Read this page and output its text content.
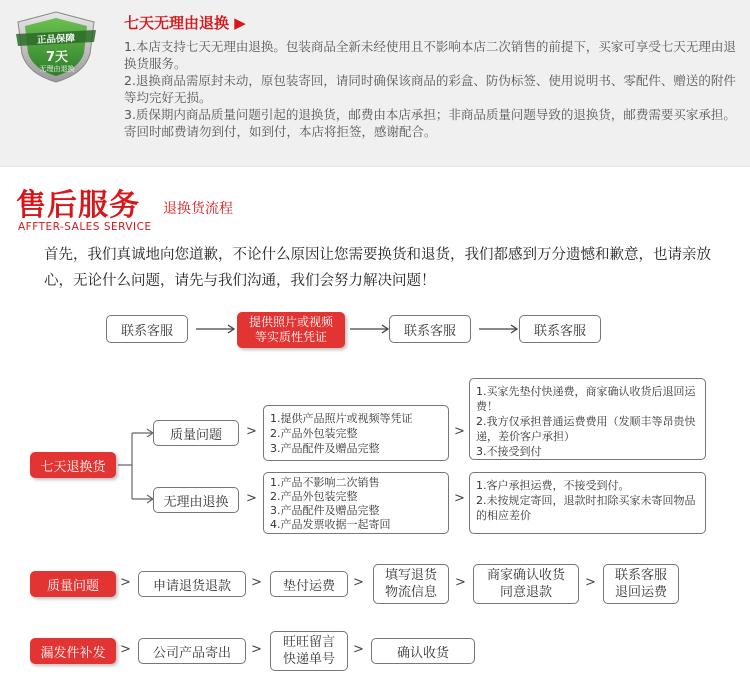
正品保障
7天
无理由退换
七天无理由退换 ▶
1.本店支持七天无理由退换。包装商品全新未经使用且不影响本店二次销售的前提下，买家可享受七天无理由退换货服务。
2.退换商品需原封未动，原包装寄回，请同时确保该商品的彩盒、防伪标签、使用说明书、零配件、赠送的附件等均完好无损。
3.质保期内商品质量问题引起的退换货，邮费由本店承担；非商品质量问题导致的退换货，邮费需要买家承担。寄回时邮费请勿到付，如到付，本店将拒签，感谢配合。
售后服务 退换货流程
AFFTER-SALES SERVICE
首先，我们真诚地向您道歉，不论什么原因让您需要换货和退货，我们都感到万分遗憾和歉意，也请亲放心，无论什么问题，请先与我们沟通，我们会努力解决问题！
联系客服
提供照片或视频
等实质性凭证	联系客服	联系客服
七天退换货
质量问题	>
1.提供产品照片或视频等凭证
2.产品外包装完整
3.产品配件及赠品完整
>
1.买家先垫付快递费，商家确认收货后退回运费！
2.我方仅承担普通运费费用（发顺丰等昂贵快递，差价客户承担）
3.不接受到付
无理由退换	>
1.产品不影响二次销售
2.产品外包装完整
3.产品配件及赠品完整
4.产品发票收据一起寄回
>
1.客户承担运费，不接受到付。
2.未按规定寄回，退款时扣除买家未寄回物品的相应差价
质量问题	>	申请退货退款	>	垫付运费	> 填写退货
物流信息
> 商家确认收货
同意退款
> 联系客服
退回运费
漏发件补发	>	公司产品寄出	> 旺旺留言
快递单号
>	确认收货
